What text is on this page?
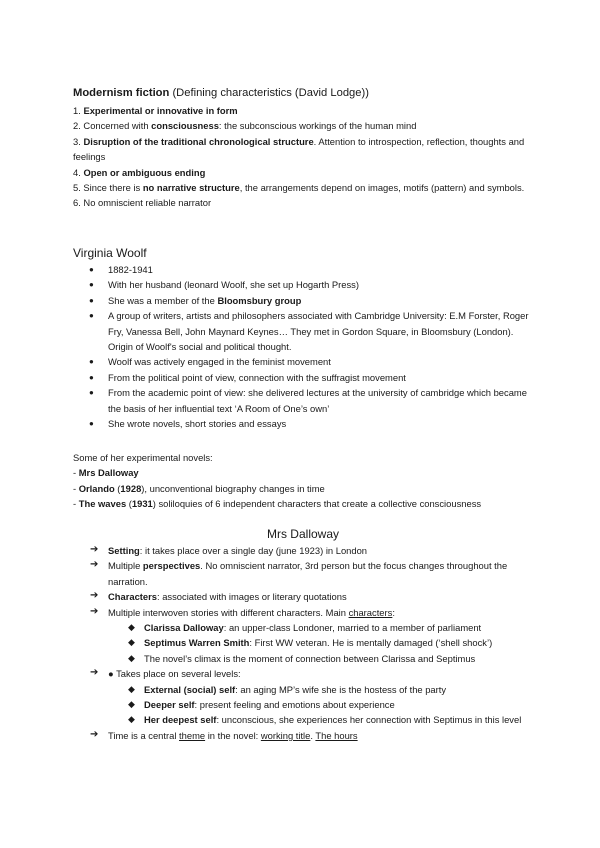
Modernism fiction (Defining characteristics (David Lodge))
1. Experimental or innovative in form
2. Concerned with consciousness: the subconscious workings of the human mind
3. Disruption of the traditional chronological structure. Attention to introspection, reflection, thoughts and feelings
4. Open or ambiguous ending
5. Since there is no narrative structure, the arrangements depend on images, motifs (pattern) and symbols.
6. No omniscient reliable narrator
Virginia Woolf
● 1882-1941
● With her husband (leonard Woolf, she set up Hogarth Press)
● She was a member of the Bloomsbury group
● A group of writers, artists and philosophers associated with Cambridge University: E.M Forster, Roger Fry, Vanessa Bell, John Maynard Keynes… They met in Gordon Square, in Bloomsbury (London). Origin of Woolf's social and political thought.
● Woolf was actively engaged in the feminist movement
● From the political point of view, connection with the suffragist movement
● From the academic point of view: she delivered lectures at the university of cambridge which became the basis of her influential text ‘A Room of One’s own’
● She wrote novels, short stories and essays
Some of her experimental novels:
- Mrs Dalloway
- Orlando (1928), unconventional biography changes in time
- The waves (1931) soliloquies of 6 independent characters that create a collective consciousness
Mrs Dalloway
➔ Setting: it takes place over a single day (june 1923) in London
➔ Multiple perspectives. No omniscient narrator, 3rd person but the focus changes throughout the narration.
➔ Characters: associated with images or literary quotations
➔ Multiple interwoven stories with different characters. Main characters:
◆ Clarissa Dalloway: an upper-class Londoner, married to a member of parliament
◆ Septimus Warren Smith: First WW veteran. He is mentally damaged (‘shell shock’)
◆ The novel’s climax is the moment of connection between Clarissa and Septimus
➔ ● Takes place on several levels:
◆ External (social) self: an aging MP’s wife she is the hostess of the party
◆ Deeper self: present feeling and emotions about experience
◆ Her deepest self: unconscious, she experiences her connection with Septimus in this level
➔ Time is a central theme in the novel: working title. The hours
